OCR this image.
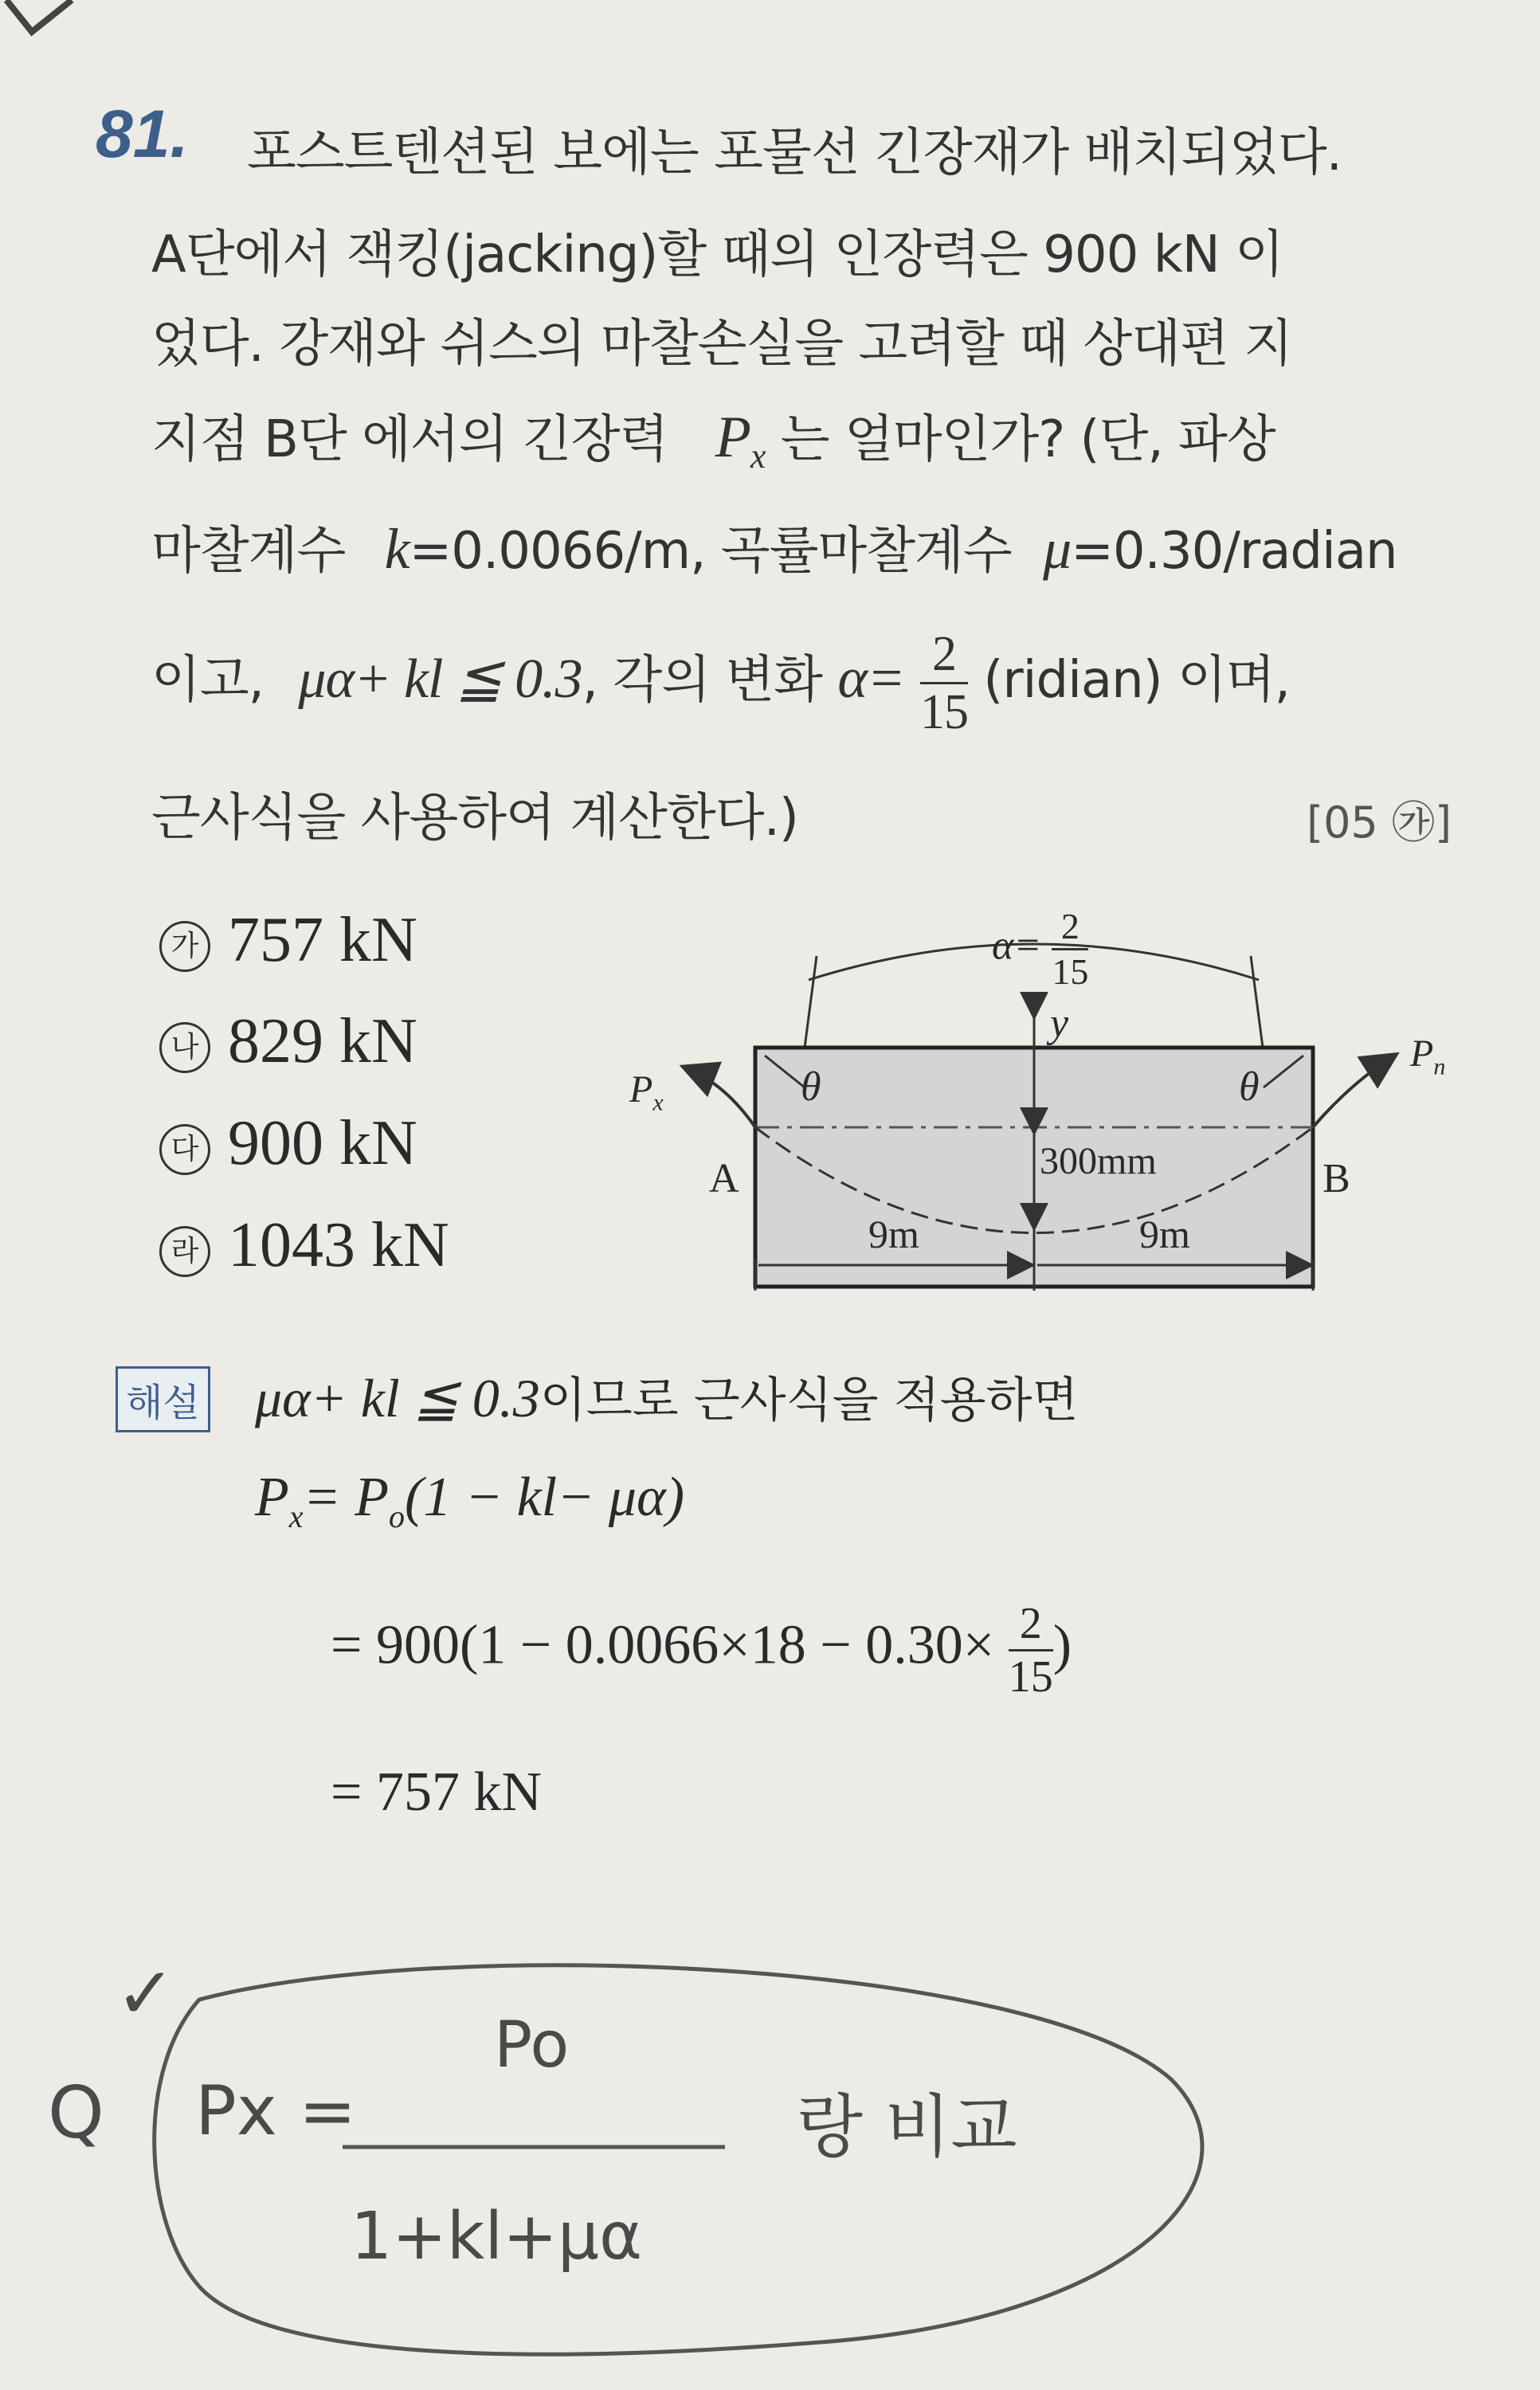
81. 포스트텐션된 보에는 포물선 긴장재가 배치되었다.
A단에서 잭킹(jacking)할 때의 인장력은 900 kN 이
었다. 강재와 쉬스의 마찰손실을 고려할 때 상대편 지
지점 B단 에서의 긴장력 $P_x$ 는 얼마인가? (단, 파상
마찰계수 k=0.0066/m, 곡률마찰계수 μ=0.30/radian
이고, μα+ kl ≦ 0.3, 각의 변화 $\alpha= \frac{2}{15}$ (ridian) 이며,
근사식을 사용하여 계산한다.)	[05 ㉮]
가 757 kN
나 829 kN
다 900 kN
라 1043 kN
$\alpha= \frac{2}{15}$
y
θ	θ
$P_x$
$P_n$
A	B
300mm
9m	9m
해설 μα+ kl ≦ 0.3이므로 근사식을 적용하면
$P_x= P_o(1 - kl- \mu\alpha)$
= $900(1 - 0.0066\times 18 - 0.30\times \frac{2}{15}$ )
= 757 kN
✓
Q Px =
Po
1+kl+μα
랑 비교
